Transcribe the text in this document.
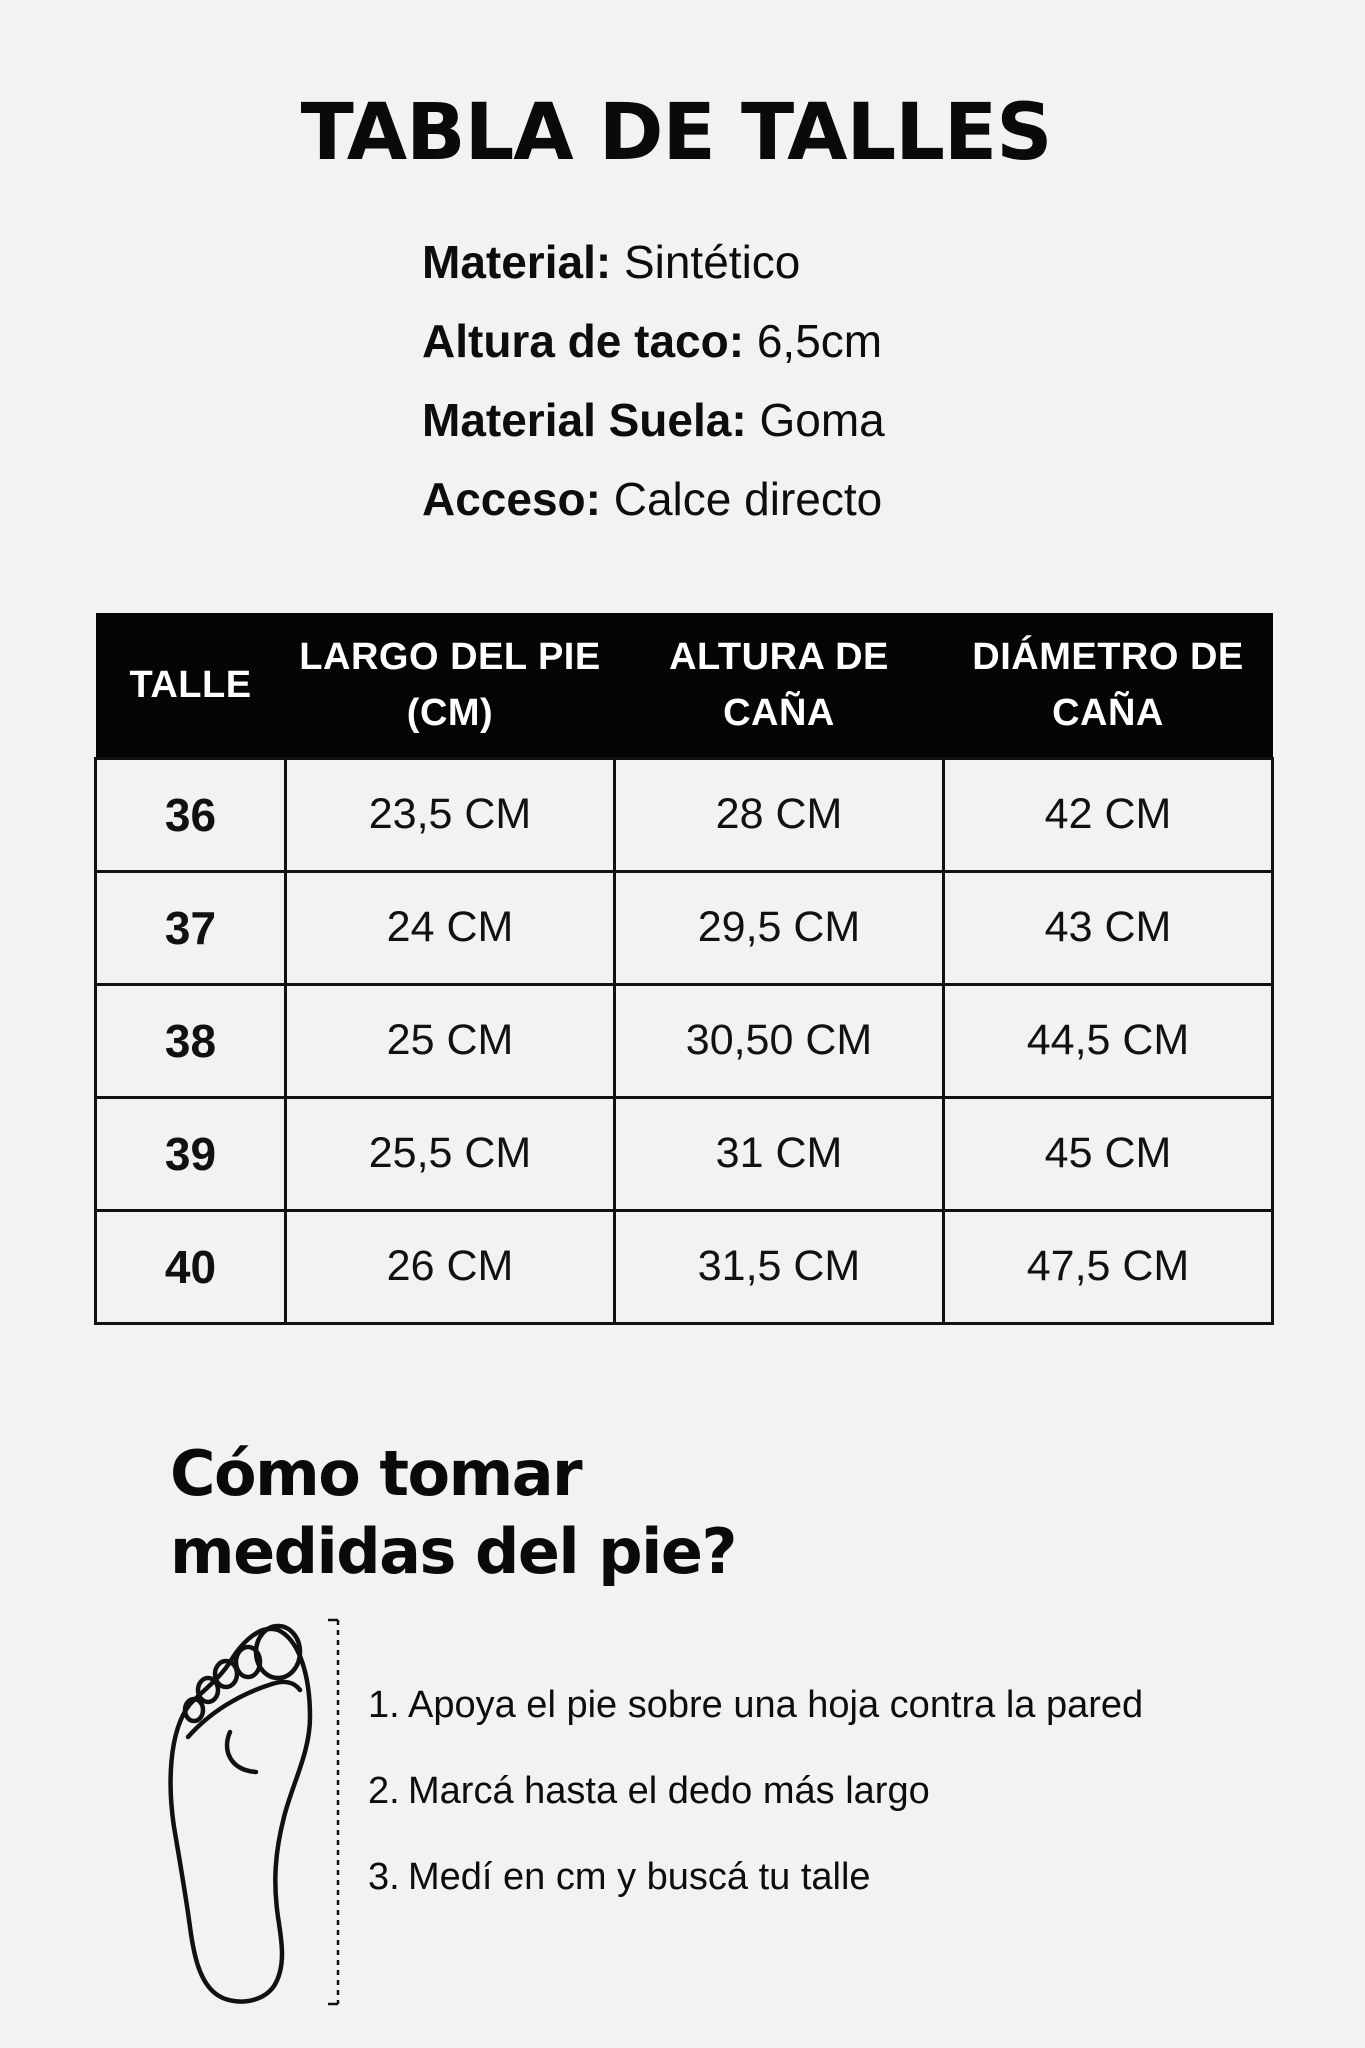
TABLA DE TALLES
Material: Sintético
Altura de taco: 6,5cm
Material Suela: Goma
Acceso: Calce directo
TALLE	LARGO DEL PIE (CM)	ALTURA DE CAÑA	DIÁMETRO DE CAÑA
36	23,5 CM	28 CM	42 CM
37	24 CM	29,5 CM	43 CM
38	25 CM	30,50 CM	44,5 CM
39	25,5 CM	31 CM	45 CM
40	26 CM	31,5 CM	47,5 CM
Cómo tomar
medidas del pie?
1. Apoya el pie sobre una hoja contra la pared
2. Marcá hasta el dedo más largo
3. Medí en cm y buscá tu talle
